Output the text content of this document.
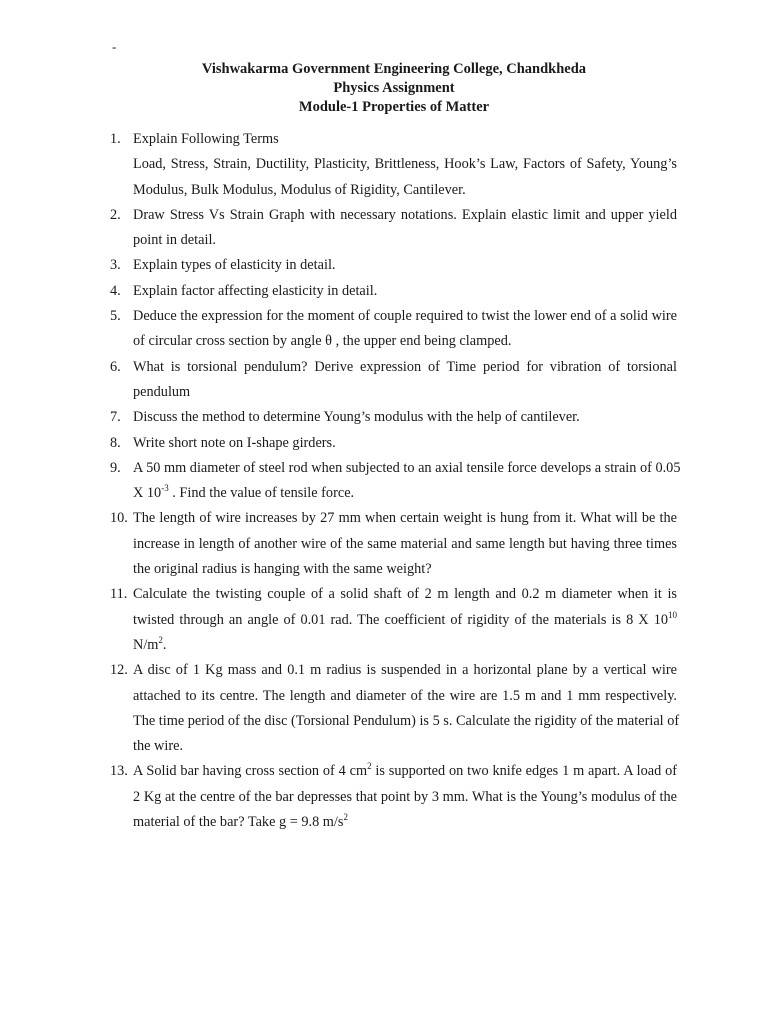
-
Vishwakarma Government Engineering College, Chandkheda
Physics Assignment
Module-1 Properties of Matter
1. Explain Following Terms
Load, Stress, Strain, Ductility, Plasticity, Brittleness, Hook’s Law, Factors of Safety, Young’s
Modulus, Bulk Modulus, Modulus of Rigidity, Cantilever.
2. Draw Stress Vs Strain Graph with necessary notations. Explain elastic limit and upper yield
point in detail.
3. Explain types of elasticity in detail.
4. Explain factor affecting elasticity in detail.
5. Deduce the expression for the moment of couple required to twist the lower end of a solid wire
of circular cross section by angle θ , the upper end being clamped.
6. What is torsional pendulum? Derive expression of Time period for vibration of torsional
pendulum
7. Discuss the method to determine Young’s modulus with the help of cantilever.
8. Write short note on I-shape girders.
9. A 50 mm diameter of steel rod when subjected to an axial tensile force develops a strain of 0.05
X $10^{-3}$ . Find the value of tensile force.
10. The length of wire increases by 27 mm when certain weight is hung from it. What will be the
increase in length of another wire of the same material and same length but having three times
the original radius is hanging with the same weight?
11. Calculate the twisting couple of a solid shaft of 2 m length and 0.2 m diameter when it is
twisted through an angle of 0.01 rad. The coefficient of rigidity of the materials is 8 X $10^{10}$
$N/m^2$.
12. A disc of 1 Kg mass and 0.1 m radius is suspended in a horizontal plane by a vertical wire
attached to its centre. The length and diameter of the wire are 1.5 m and 1 mm respectively.
The time period of the disc (Torsional Pendulum) is 5 s. Calculate the rigidity of the material of
the wire.
13. A Solid bar having cross section of 4 $cm^2$ is supported on two knife edges 1 m apart. A load of
2 Kg at the centre of the bar depresses that point by 3 mm. What is the Young’s modulus of the
material of the bar? Take g = 9.8 $m/s^2$
